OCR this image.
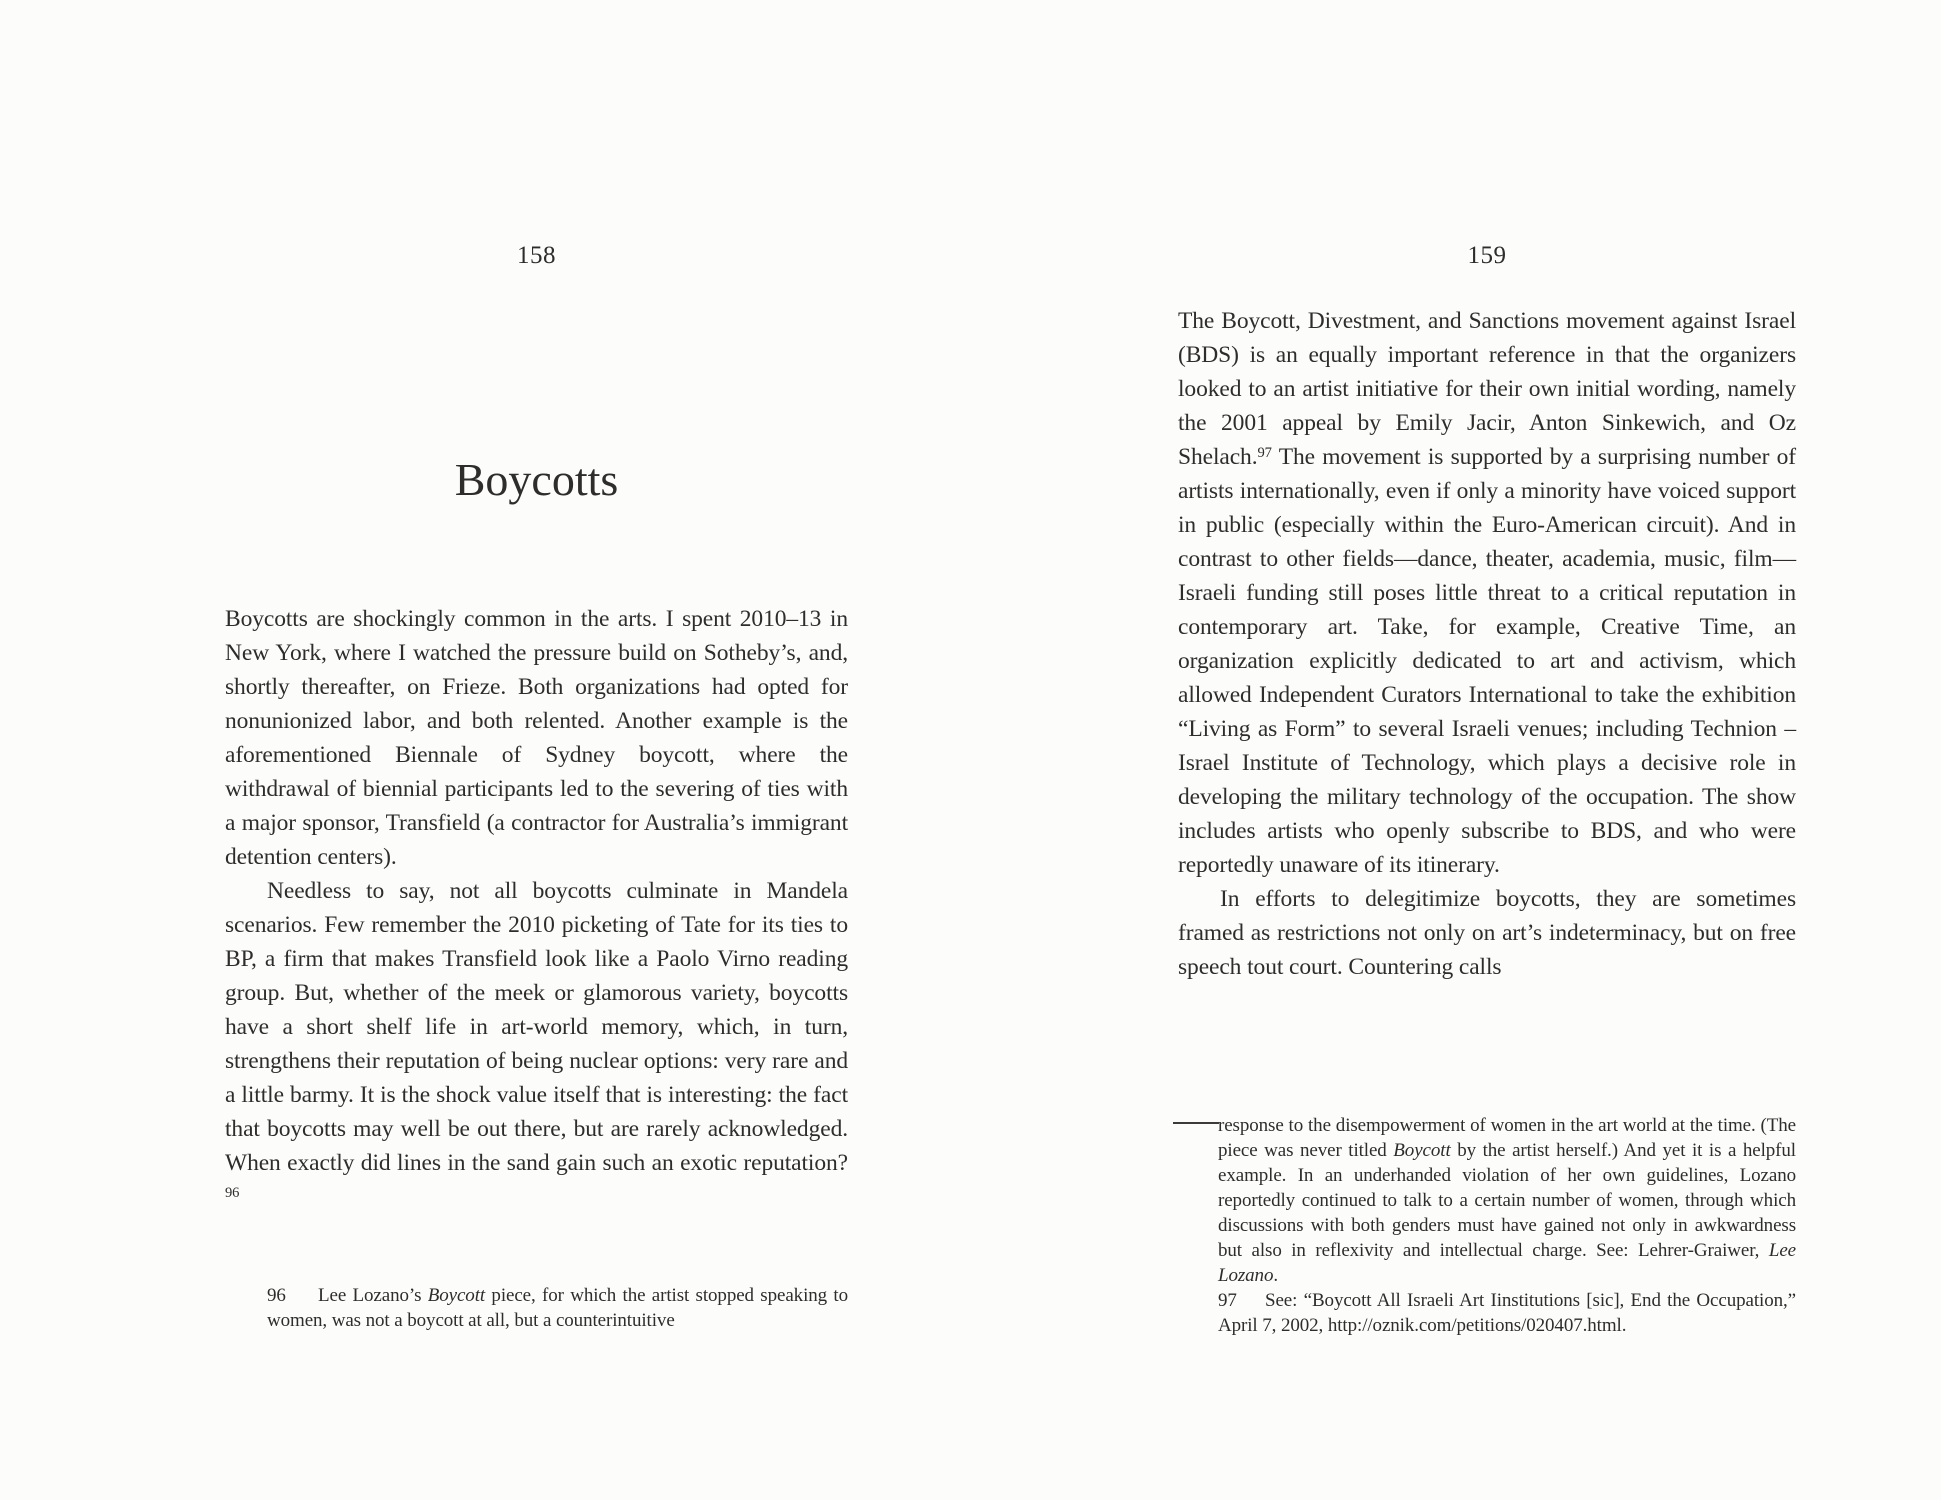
158
Boycotts

Boycotts are shockingly common in the arts. I spent 2010–13 in New York, where I watched the pressure build on Sotheby’s, and, shortly thereafter, on Frieze. Both organizations had opted for nonunionized labor, and both relented. Another example is the aforementioned Biennale of Sydney boycott, where the withdrawal of biennial participants led to the severing of ties with a major sponsor, Transfield (a contractor for Australia’s immigrant detention centers).

Needless to say, not all boycotts culminate in Mandela scenarios. Few remember the 2010 picketing of Tate for its ties to BP, a firm that makes Transfield look like a Paolo Virno reading group. But, whether of the meek or glamorous variety, boycotts have a short shelf life in art-world memory, which, in turn, strengthens their reputation of being nuclear options: very rare and a little barmy. It is the shock value itself that is interesting: the fact that boycotts may well be out there, but are rarely acknowledged. When exactly did lines in the sand gain such an exotic reputation?$^{96}$

96 Lee Lozano’s Boycott piece, for which the artist stopped speaking to women, was not a boycott at all, but a counterintuitive

159

The Boycott, Divestment, and Sanctions movement against Israel (BDS) is an equally important reference in that the organizers looked to an artist initiative for their own initial wording, namely the 2001 appeal by Emily Jacir, Anton Sinkewich, and Oz Shelach.$^{97}$ The movement is supported by a surprising number of artists internationally, even if only a minority have voiced support in public (especially within the Euro-American circuit). And in contrast to other fields—dance, theater, academia, music, film—Israeli funding still poses little threat to a critical reputation in contemporary art. Take, for example, Creative Time, an organization explicitly dedicated to art and activism, which allowed Independent Curators International to take the exhibition “Living as Form” to several Israeli venues; including Technion – Israel Institute of Technology, which plays a decisive role in developing the military technology of the occupation. The show includes artists who openly subscribe to BDS, and who were reportedly unaware of its itinerary.

In efforts to delegitimize boycotts, they are sometimes framed as restrictions not only on art’s indeterminacy, but on free speech tout court. Countering calls

response to the disempowerment of women in the art world at the time. (The piece was never titled Boycott by the artist herself.) And yet it is a helpful example. In an underhanded violation of her own guidelines, Lozano reportedly continued to talk to a certain number of women, through which discussions with both genders must have gained not only in awkwardness but also in reflexivity and intellectual charge. See: Lehrer-Graiwer, Lee Lozano.

97 See: “Boycott All Israeli Art Iinstitutions [sic], End the Occupation,” April 7, 2002, http://oznik.com/petitions/020407.html.
